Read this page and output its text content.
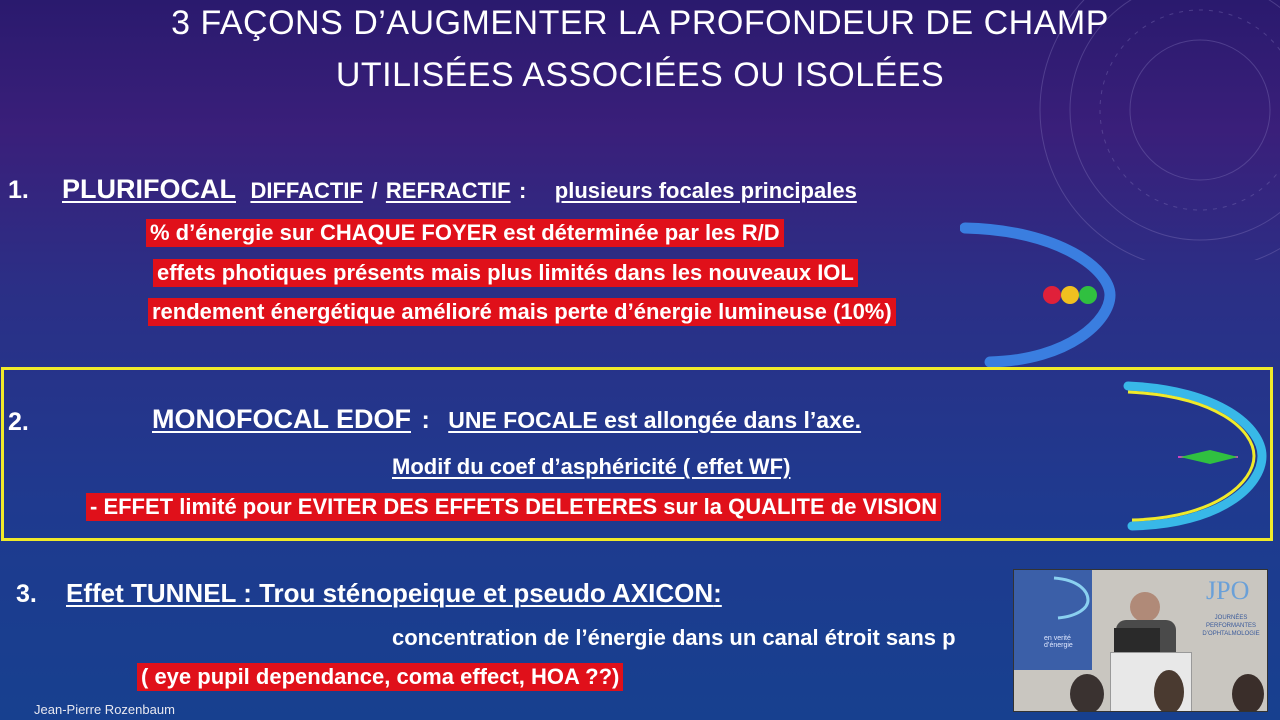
3 FAÇONS D’AUGMENTER LA PROFONDEUR DE CHAMP
UTILISÉES ASSOCIÉES OU ISOLÉES
1. PLURIFOCAL DIFFACTIF / REFRACTIF : plusieurs focales principales
% d’énergie sur CHAQUE FOYER est déterminée par les R/D
effets photiques présents mais plus limités dans les nouveaux IOL
rendement énergétique amélioré mais perte d’énergie lumineuse (10%)
2.	MONOFOCAL EDOF : UNE FOCALE est allongée dans l’axe.
Modif du coef d’asphéricité ( effet WF)
- EFFET limité pour EVITER DES EFFETS DELETERES sur la QUALITE de VISION
3. Effet TUNNEL : Trou sténopeique et pseudo AXICON:
concentration de l’énergie dans un canal étroit sans p
( eye pupil dependance, coma effect, HOA ??)
Jean-Pierre Rozenbaum
en verité d’énergie
JPO
JOURNÉES PERFORMANTES D’OPHTALMOLOGIE
